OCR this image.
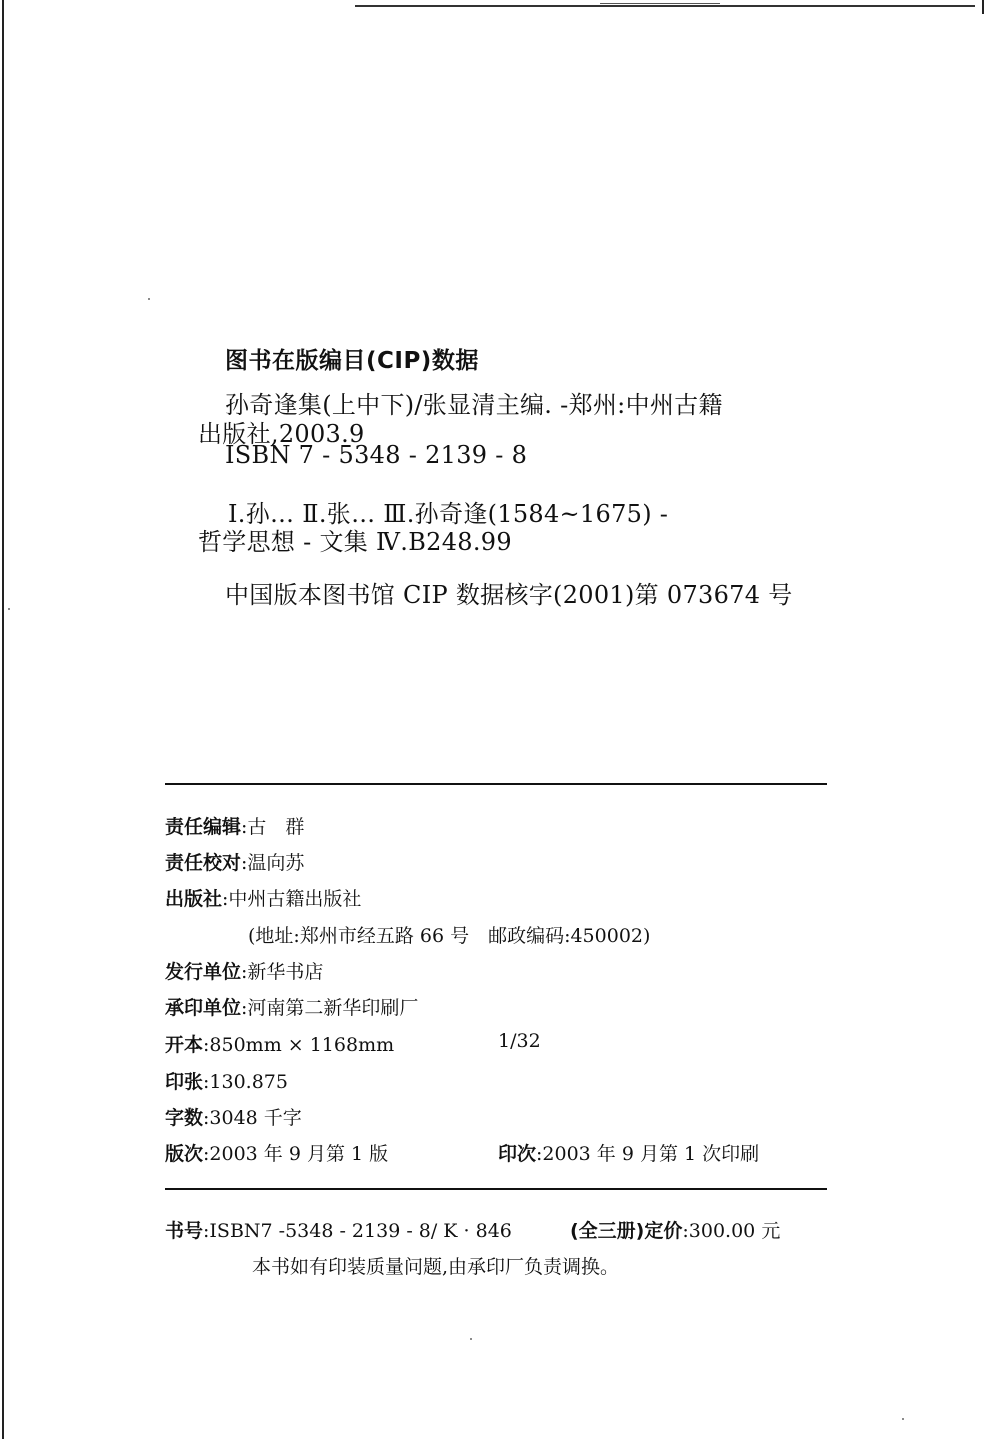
图书在版编目(CIP)数据
孙奇逢集(上中下)/张显清主编. -郑州:中州古籍
出版社,2003.9
ISBN 7 - 5348 - 2139 - 8
Ⅰ.孙… Ⅱ.张… Ⅲ.孙奇逢(1584~1675) -
哲学思想 - 文集 Ⅳ.B248.99
中国版本图书馆 CIP 数据核字(2001)第 073674 号
责任编辑:古　群
责任校对:温向苏
出版社:中州古籍出版社
(地址:郑州市经五路 66 号　邮政编码:450002)
发行单位:新华书店
承印单位:河南第二新华印刷厂
开本:850mm × 1168mm	1/32
印张:130.875
字数:3048 千字
版次:2003 年 9 月第 1 版	印次:2003 年 9 月第 1 次印刷
书号:ISBN7 -5348 - 2139 - 8/ K · 846	(全三册)定价:300.00 元
本书如有印装质量问题,由承印厂负责调换。
